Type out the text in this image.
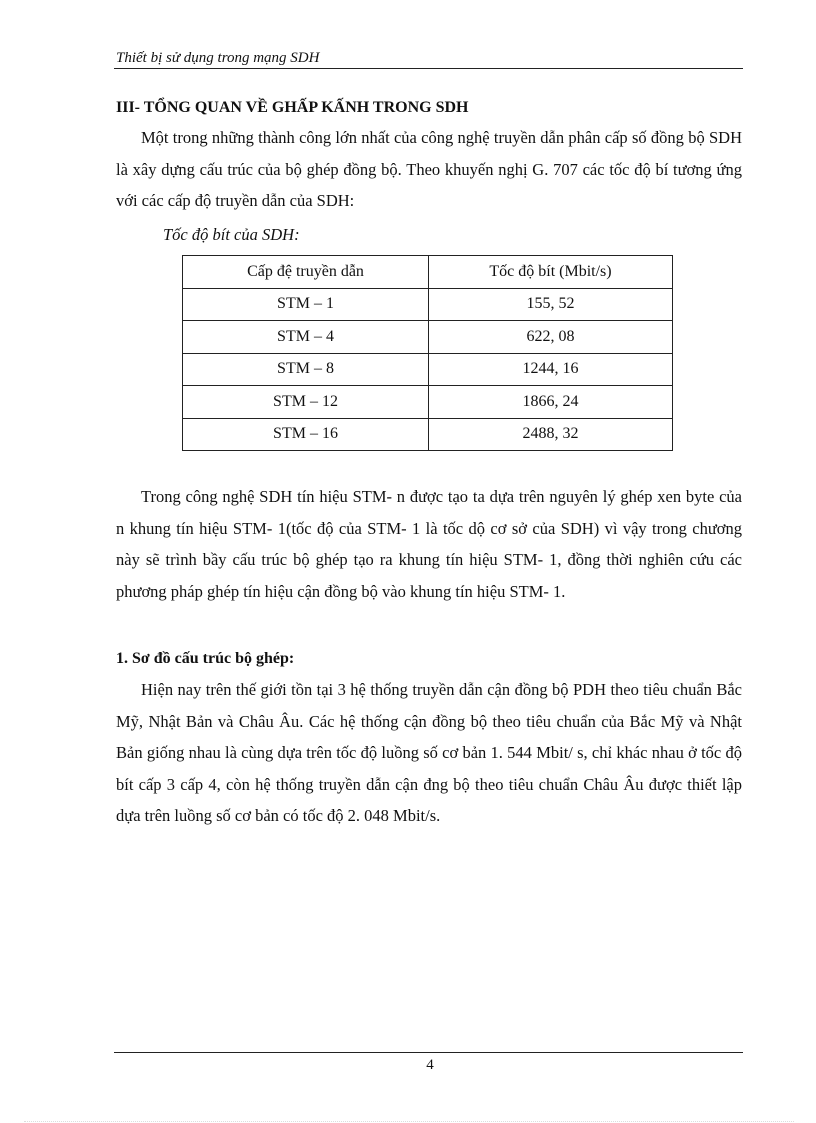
Thiết bị sử dụng trong mạng SDH
III- TỔNG QUAN VỀ GHẤP KẤNH TRONG SDH

Một trong những thành công lớn nhất của công nghệ truyền dẫn phân cấp số đồng bộ SDH là xây dựng cấu trúc của bộ ghép đồng bộ. Theo khuyến nghị G. 707 các tốc độ bí tương ứng với các cấp độ truyền dẫn của SDH:

Tốc độ bít của SDH:
Cấp đệ truyền dẫn	Tốc độ bít (Mbit/s)
STM – 1	155, 52
STM – 4	622, 08
STM – 8	1244, 16
STM – 12	1866, 24
STM – 16	2488, 32

Trong công nghệ SDH tín hiệu STM- n được tạo ta dựa trên nguyên lý ghép xen byte của n khung tín hiệu STM- 1(tốc độ của STM- 1 là tốc dộ cơ sở của SDH) vì vậy trong chương này sẽ trình bầy cấu trúc bộ ghép tạo ra khung tín hiệu STM- 1, đồng thời nghiên cứu các phương pháp ghép tín hiệu cận đồng bộ vào khung tín hiệu STM- 1.

1. Sơ đồ cấu trúc bộ ghép:

Hiện nay trên thế giới tồn tại 3 hệ thống truyền dẫn cận đồng bộ PDH theo tiêu chuẩn Bắc Mỹ, Nhật Bản và Châu Âu. Các hệ thống cận đồng bộ theo tiêu chuẩn của Bắc Mỹ và Nhật Bản giống nhau là cùng dựa trên tốc độ luồng số cơ bản 1. 544 Mbit/ s, chỉ khác nhau ở tốc độ bít cấp 3 cấp 4, còn hệ thống truyền dẫn cận đng bộ theo tiêu chuẩn Châu Âu được thiết lập dựa trên luồng số cơ bản có tốc độ 2. 048 Mbit/s.

4
